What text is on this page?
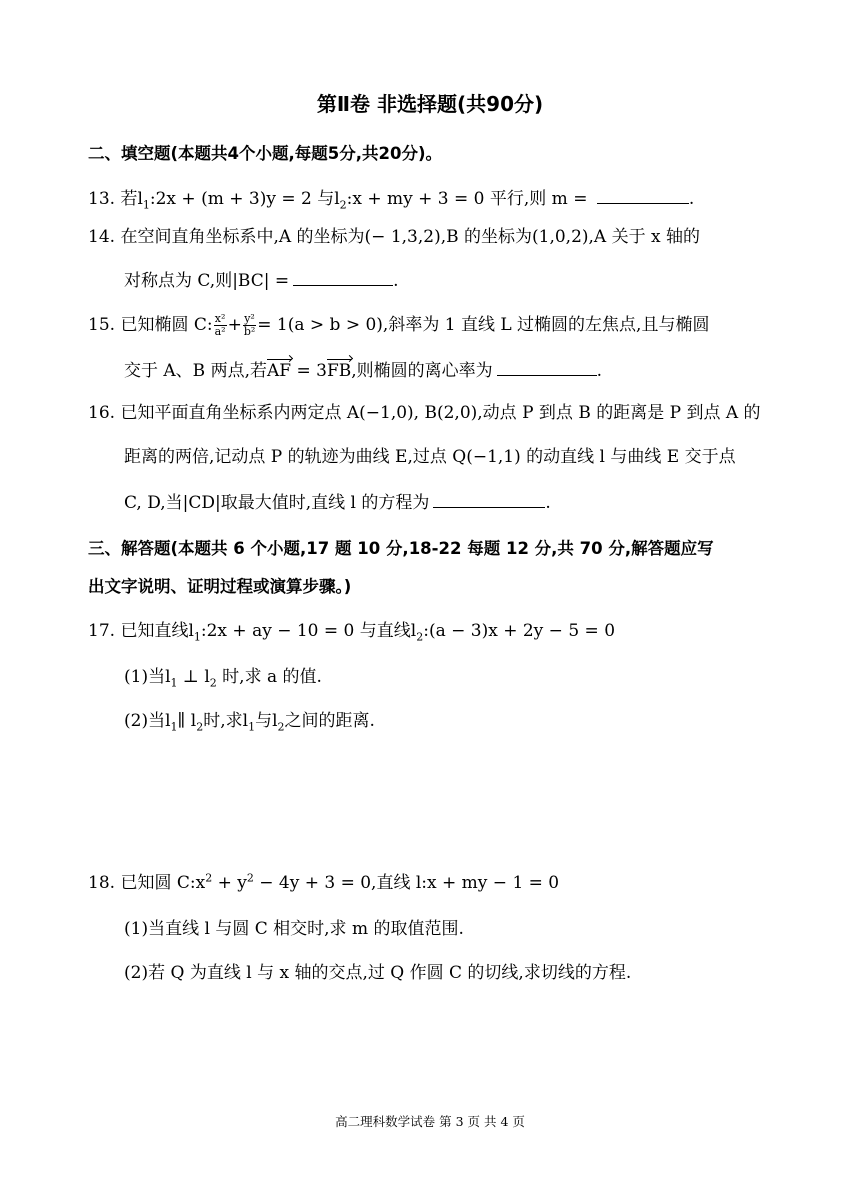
第Ⅱ卷 非选择题(共90分)
二、填空题(本题共4个小题,每题5分,共20分)。
13. 若$l_1:2x + (m + 3)y = 2$ 与$l_2:x$ + my + 3 = 0 平行,则 m =	.
14. 在空间直角坐标系中,A 的坐标为(− 1,3,2),B 的坐标为(1,0,2),A 关于 x 轴的
对称点为 C,则|BC| =	.
15. 已知椭圆 C: $\frac{\text{x²}}{\text{a²}} + \frac{\text{y²}}{\text{b²}} = 1(a > b > 0)$,斜率为 1 直线 L 过椭圆的左焦点,且与椭圆
交于 A、B 两点,若AF = 3FB,则椭圆的离心率为	.
16. 已知平面直角坐标系内两定点 A(−1,0), B(2,0),动点 P 到点 B 的距离是 P 到点 A 的
距离的两倍,记动点 P 的轨迹为曲线 E,过点 Q(−1,1) 的动直线 l 与曲线 E 交于点
C, D,当|CD|取最大值时,直线 l 的方程为	.
三、解答题(本题共 6 个小题,17 题 10 分,18-22 每题 12 分,共 70 分,解答题应写
出文字说明、证明过程或演算步骤。)
17. 已知直线$l_1:2x$ + ay − 10 = 0 与直线$l_2:(a - 3)x + 2y - 5 = 0$
(1)当$l_1$ ⊥ $l_2$ 时,求 a 的值.
(2)当$l_1\parallel$ $l_2$时,求$l_1$与$l_2$之间的距离.
18. 已知圆 $C:x^2 + y^2 - 4y + 3 = 0$,直线 l:x + my − 1 = 0
(1)当直线 l 与圆 C 相交时,求 m 的取值范围.
(2)若 Q 为直线 l 与 x 轴的交点,过 Q 作圆 C 的切线,求切线的方程.
高二理科数学试卷 第 3 页 共 4 页
